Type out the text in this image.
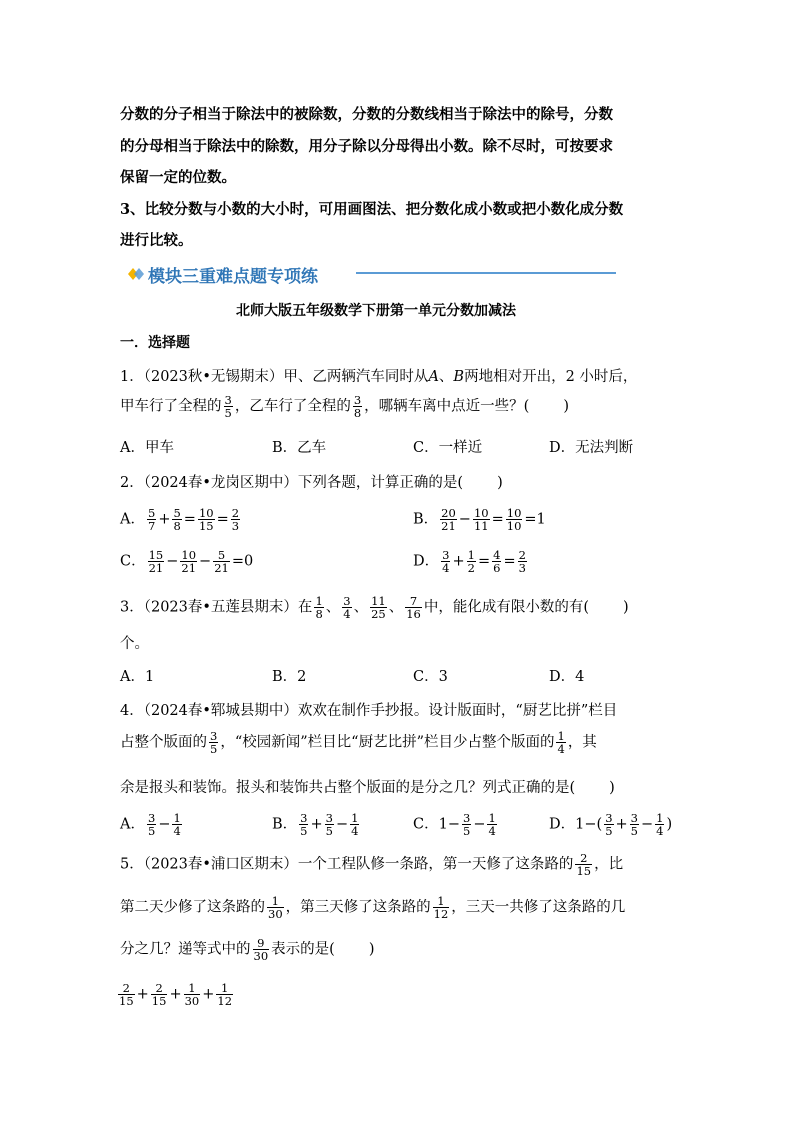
分数的分子相当于除法中的被除数，分数的分数线相当于除法中的除号，分数
的分母相当于除法中的除数，用分子除以分母得出小数。除不尽时，可按要求
保留一定的位数。
3、比较分数与小数的大小时，可用画图法、把分数化成小数或把小数化成分数
进行比较。
模块三重难点题专项练
北师大版五年级数学下册第一单元分数加减法
一．选择题
1．（2023秋•无锡期末）甲、乙两辆汽车同时从A、B两地相对开出，2 小时后，
甲车行了全程的 $\frac{3}{5}$ ，乙车行了全程的 $\frac{3}{8}$ ，哪辆车离中点近一些？( )
A．甲车	B．乙车	C．一样近	D．无法判断
2．（2024春•龙岗区期中）下列各题，计算正确的是( )
A． $\frac{5}{7} + \frac{5}{8} = \frac{10}{15} = \frac{2}{3}$	B． $\frac{20}{21} - \frac{10}{11} = \frac{10}{10} =1$
C． $\frac{15}{21} - \frac{10}{21} - \frac{5}{21} =0$	D． $\frac{3}{4} + \frac{1}{2} = \frac{4}{6} = \frac{2}{3}$
3．（2023春•五莲县期末）在 $\frac{1}{8}$ 、 $\frac{3}{4}$ 、 $\frac{11}{25}$ 、 $\frac{7}{16}$ 中，能化成有限小数的有( )
个。
A．1	B．2	C．3	D．4
4．（2024春•郓城县期中）欢欢在制作手抄报。设计版面时，“厨艺比拼”栏目
占整个版面的 $\frac{3}{5}$ ，“校园新闻”栏目比“厨艺比拼”栏目少占整个版面的 $\frac{1}{4}$ ，其
余是报头和装饰。报头和装饰共占整个版面的是分之几？列式正确的是( )
A． $\frac{3}{5} - \frac{1}{4}$	B． $\frac{3}{5} + \frac{3}{5} - \frac{1}{4}$	C．$1- \frac{3}{5} - \frac{1}{4}$	D．$1-( \frac{3}{5} + \frac{3}{5} - \frac{1}{4}$ )
5．（2023春•浦口区期末）一个工程队修一条路，第一天修了这条路的 $\frac{2}{15}$ ，比
第二天少修了这条路的 $\frac{1}{30}$ ，第三天修了这条路的 $\frac{1}{12}$ ，三天一共修了这条路的几
分之几？递等式中的 $\frac{9}{30}$ 表示的是( )
$\frac{2}{15} + \frac{2}{15} + \frac{1}{30} + \frac{1}{12}$
